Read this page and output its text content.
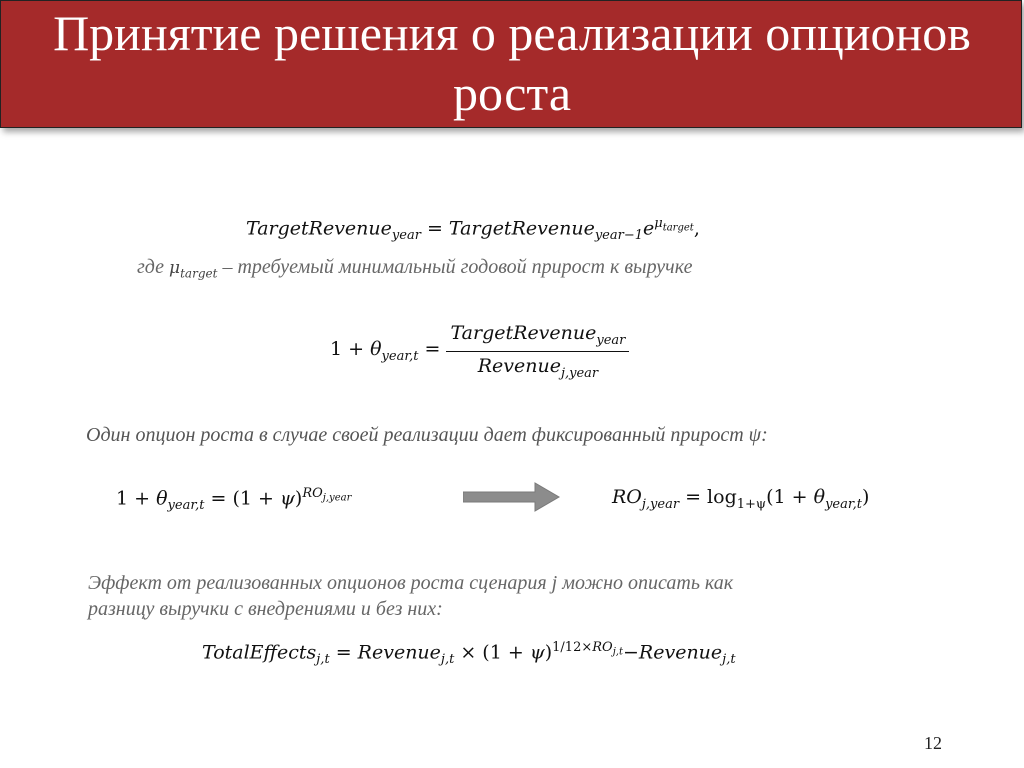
Принятие решения о реализации опционов роста
TargetRevenue$_{year}$ = $TargetRevenue_{year-1}e^{\mu_{target}}$,
где $\mu_{target}$ – требуемый минимальный годовой прирост к выручке
$1 + \theta_{year,t} = \frac{TargetRevenue_{year}}{Revenue_{j,year}}$
Один опцион роста в случае своей реализации дает фиксированный прирост ψ:
$1 + \theta_{year,t} = (1 + \psi)^{RO_{j,year}}$	$RO_{j,year} = \log_{1+\psi}(1 + \theta_{year,t})$
Эффект от реализованных опционов роста сценария j можно описать как
разницу выручки с внедрениями и без них:
TotalEffects$_{j,t}$ = Revenue$_{j,t}$ × $(1 + \psi)^{1/12\times RO_{j,t}}-Revenue_{j,t}$
12
